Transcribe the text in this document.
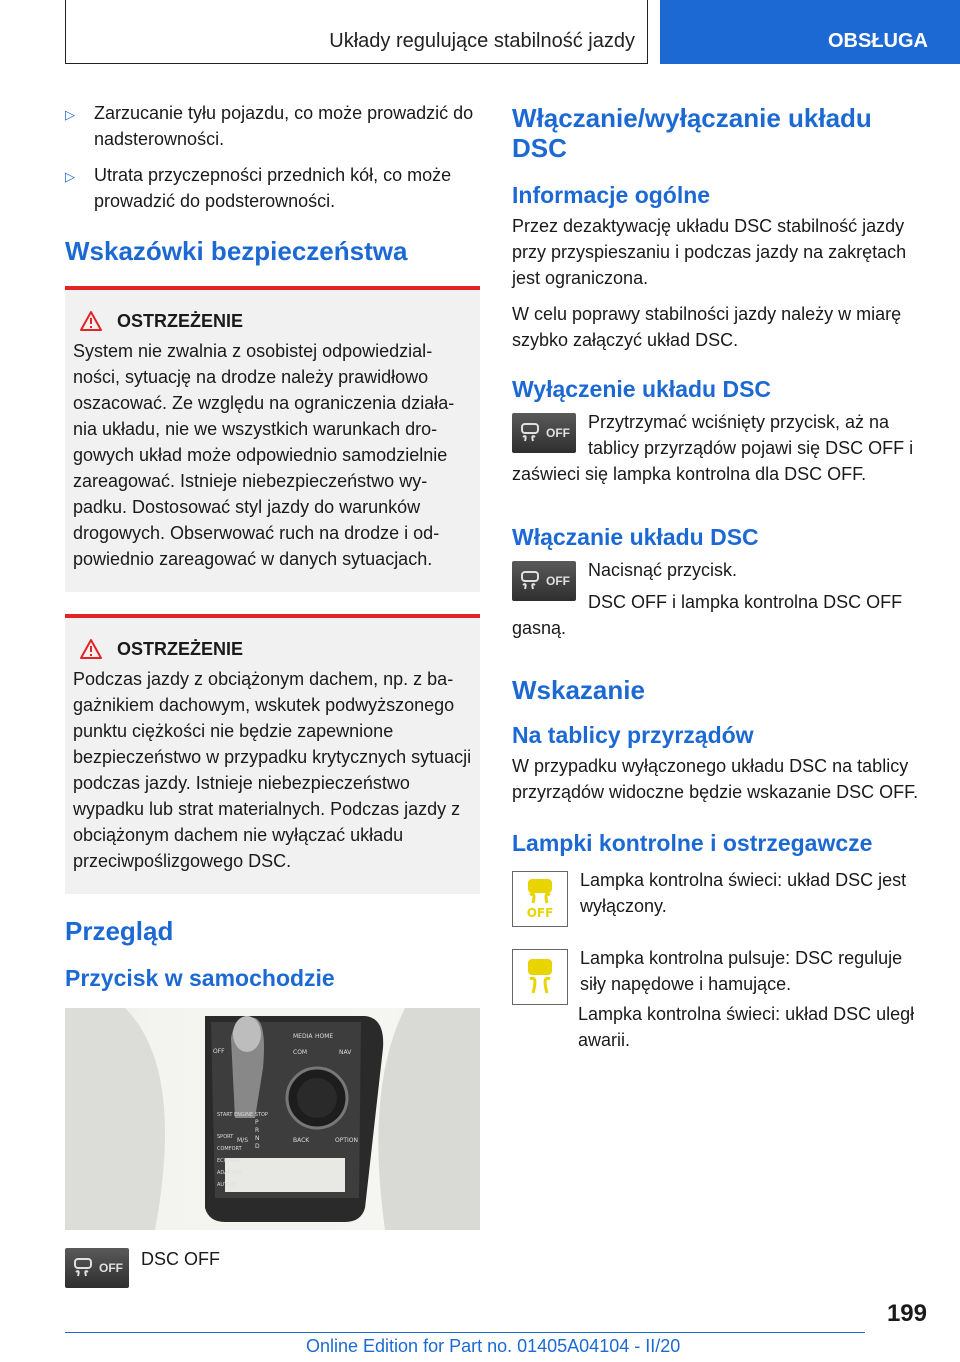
Układy regulujące stabilność jazdy	OBSŁUGA
▷	Zarzucanie tyłu pojazdu, co może prowadzić do nadsterowności.
▷	Utrata przyczepności przednich kół, co może prowadzić do podsterowności.
Wskazówki bezpieczeństwa
OSTRZEŻENIE
System nie zwalnia z osobistej odpowiedzialności, sytuację na drodze należy prawidłowo oszacować. Ze względu na ograniczenia działania układu, nie we wszystkich warunkach drogowych układ może odpowiednio samodzielnie zareagować. Istnieje niebezpieczeństwo wypadku. Dostosować styl jazdy do warunków drogowych. Obserwować ruch na drodze i odpowiednio zareagować w danych sytuacjach.
OSTRZEŻENIE
Podczas jazdy z obciążonym dachem, np. z bagażnikiem dachowym, wskutek podwyższonego punktu ciężkości nie będzie zapewnione bezpieczeństwo w przypadku krytycznych sytuacji podczas jazdy. Istnieje niebezpieczeństwo wypadku lub strat materialnych. Podczas jazdy z obciążonym dachem nie wyłączać układu przeciwpoślizgowego DSC.
Przegląd
Przycisk w samochodzie
OFF
MEDIA HOME
COM	NAV
BACK	OPTION
SPORT
COMFORT
ECO PRO
ADAPTIVE
AUTO H
START ENGINE STOP
M/S
P
R
N
D
OFF DSC OFF
Włączanie/wyłączanie układu DSC
Informacje ogólne

Przez dezaktywację układu DSC stabilność jazdy przy przyspieszaniu i podczas jazdy na zakrętach jest ograniczona.

W celu poprawy stabilności jazdy należy w miarę szybko załączyć układ DSC.

Wyłączenie układu DSC
OFF
Przytrzymać wciśnięty przycisk, aż na tablicy przyrządów pojawi się DSC OFF i zaświeci się lampka kontrolna dla DSC OFF.
Włączanie układu DSC
OFF
Nacisnąć przycisk.
DSC OFF i lampka kontrolna DSC OFF gasną.
Wskazanie
Na tablicy przyrządów

W przypadku wyłączonego układu DSC na tablicy przyrządów widoczne będzie wskazanie DSC OFF.

Lampki kontrolne i ostrzegawcze
OFF
Lampka kontrolna świeci: układ DSC jest wyłączony.
Lampka kontrolna pulsuje: DSC reguluje siły napędowe i hamujące.
Lampka kontrolna świeci: układ DSC uległ awarii.
199
Online Edition for Part no. 01405A04104 - II/20
